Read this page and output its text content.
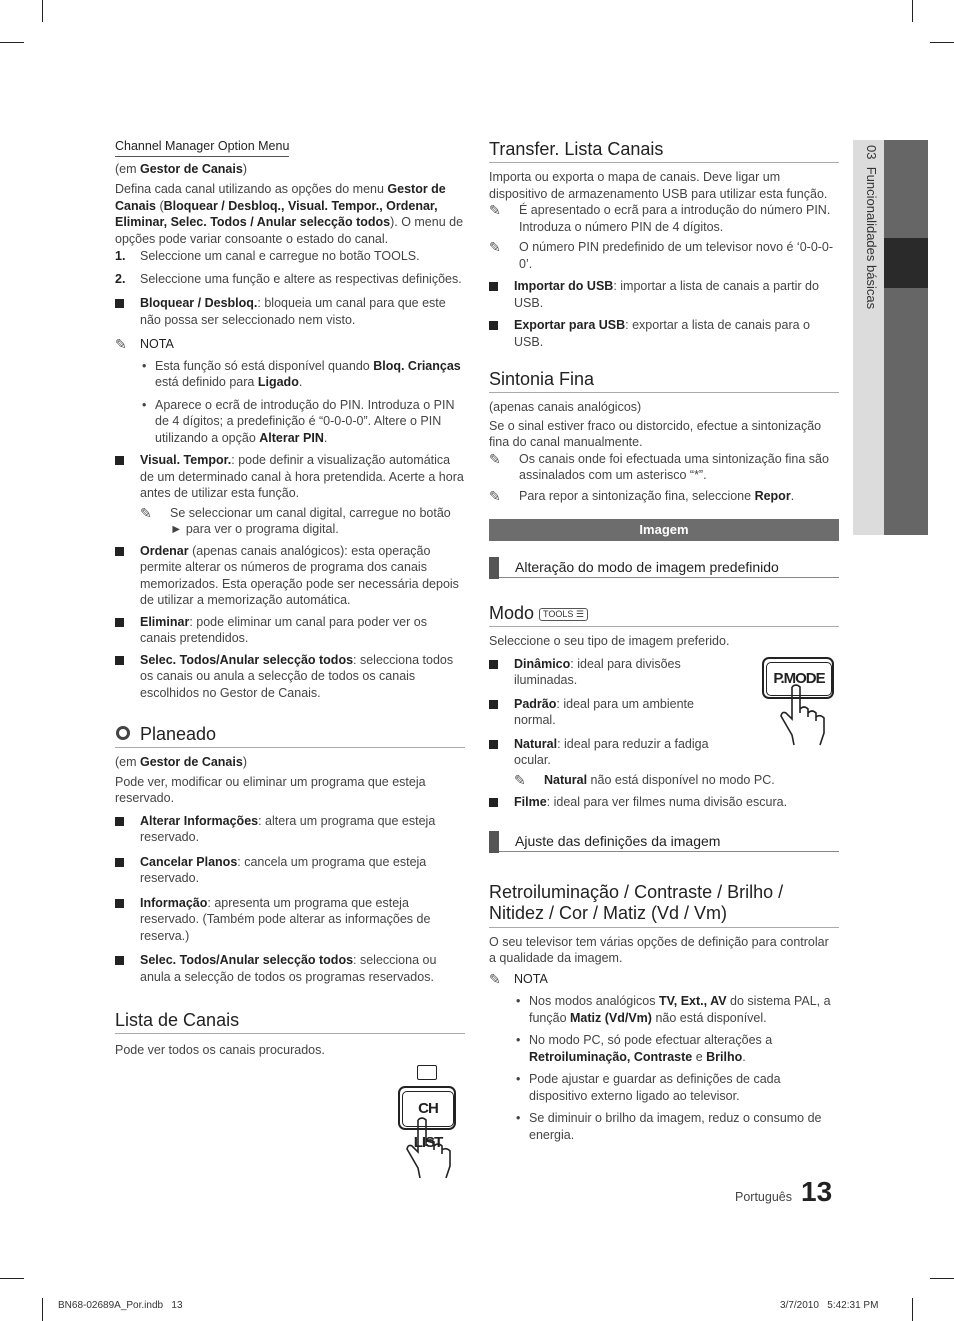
03  Funcionalidades básicas
Channel Manager Option Menu

(em Gestor de Canais)

Defina cada canal utilizando as opções do menu Gestor de Canais (Bloquear / Desbloq., Visual. Tempor., Ordenar, Eliminar, Selec. Todos / Anular selecção todos). O menu de opções pode variar consoante o estado do canal.

1. Seleccione um canal e carregue no botão TOOLS.
2. Seleccione uma função e altere as respectivas definições.
Bloquear / Desbloq.: bloqueia um canal para que este não possa ser seleccionado nem visto.
✎ NOTA
• Esta função só está disponível quando Bloq. Crianças está definido para Ligado.
• Aparece o ecrã de introdução do PIN. Introduza o PIN de 4 dígitos; a predefinição é “0-0-0-0”. Altere o PIN utilizando a opção Alterar PIN.
Visual. Tempor.: pode definir a visualização automática de um determinado canal à hora pretendida. Acerte a hora antes de utilizar esta função.
✎ Se seleccionar um canal digital, carregue no botão ► para ver o programa digital.
Ordenar (apenas canais analógicos): esta operação permite alterar os números de programa dos canais memorizados. Esta operação pode ser necessária depois de utilizar a memorização automática.
Eliminar: pode eliminar um canal para poder ver os canais pretendidos.
Selec. Todos/Anular selecção todos: selecciona todos os canais ou anula a selecção de todos os canais escolhidos no Gestor de Canais.
Planeado

(em Gestor de Canais)

Pode ver, modificar ou eliminar um programa que esteja reservado.

Alterar Informações: altera um programa que esteja reservado.
Cancelar Planos: cancela um programa que esteja reservado.
Informação: apresenta um programa que esteja reservado. (Também pode alterar as informações de reserva.)
Selec. Todos/Anular selecção todos: selecciona ou anula a selecção de todos os programas reservados.
Lista de Canais

Pode ver todos os canais procurados.

CH LIST
Transfer. Lista Canais

Importa ou exporta o mapa de canais. Deve ligar um dispositivo de armazenamento USB para utilizar esta função.

✎ É apresentado o ecrã para a introdução do número PIN. Introduza o número PIN de 4 dígitos.
✎ O número PIN predefinido de um televisor novo é ‘0-0-0-0’.
Importar do USB: importar a lista de canais a partir do USB.
Exportar para USB: exportar a lista de canais para o USB.
Sintonia Fina

(apenas canais analógicos)

Se o sinal estiver fraco ou distorcido, efectue a sintonização fina do canal manualmente.

✎ Os canais onde foi efectuada uma sintonização fina são assinalados com um asterisco “*”.
✎ Para repor a sintonização fina, seleccione Repor.
Imagem
Alteração do modo de imagem predefinido
Modo TOOLS ☰

Seleccione o seu tipo de imagem preferido.

Dinâmico: ideal para divisões iluminadas.
Padrão: ideal para um ambiente normal.
Natural: ideal para reduzir a fadiga ocular.
✎ Natural não está disponível no modo PC.
Filme: ideal para ver filmes numa divisão escura.
Ajuste das definições da imagem
Retroiluminação / Contraste / Brilho / Nitidez / Cor / Matiz (Vd / Vm)

O seu televisor tem várias opções de definição para controlar a qualidade da imagem.

✎ NOTA
• Nos modos analógicos TV, Ext., AV do sistema PAL, a função Matiz (Vd/Vm) não está disponível.
• No modo PC, só pode efectuar alterações a Retroiluminação, Contraste e Brilho.
• Pode ajustar e guardar as definições de cada dispositivo externo ligado ao televisor.
• Se diminuir o brilho da imagem, reduz o consumo de energia.
P.MODE
Português 13
BN68-02689A_Por.indb   13	3/7/2010   5:42:31 PM
